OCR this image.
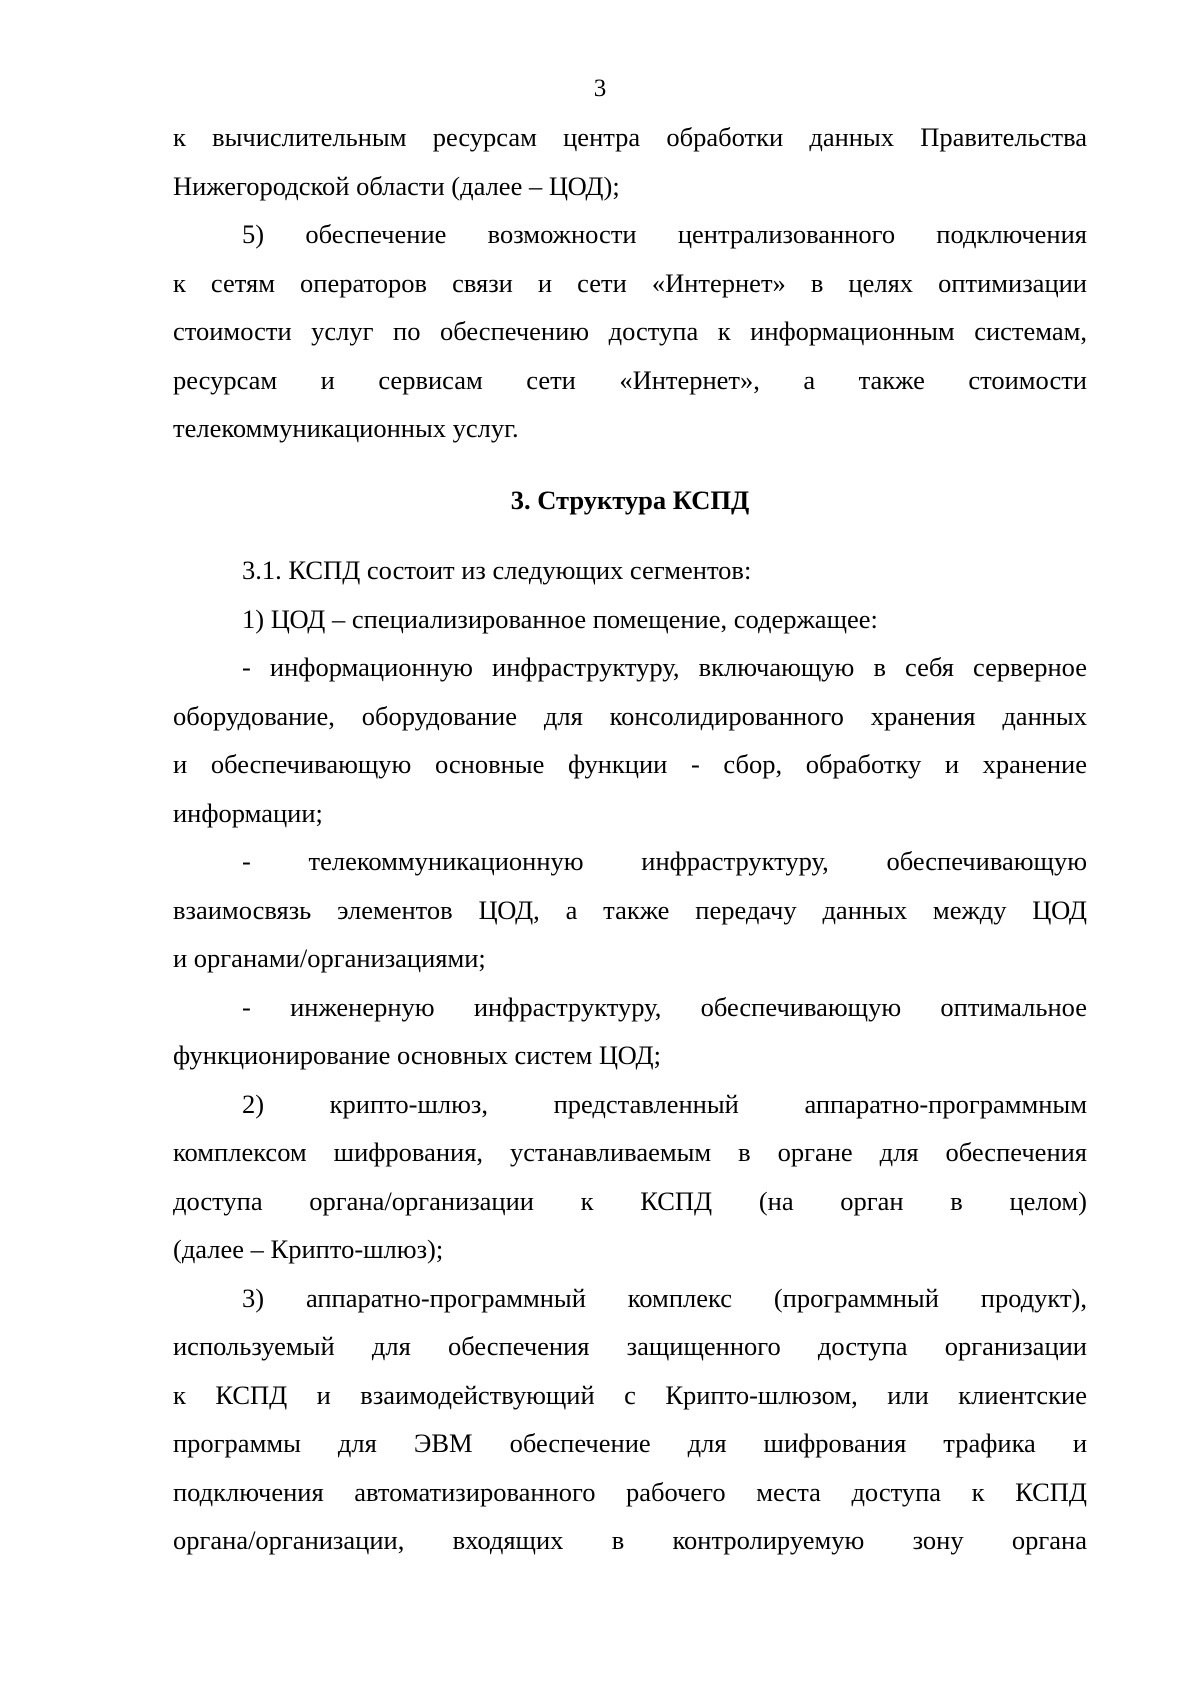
3
к вычислительным ресурсам центра обработки данных Правительства
Нижегородской области (далее – ЦОД);
5) обеспечение возможности централизованного подключения
к сетям операторов связи и сети «Интернет» в целях оптимизации
стоимости услуг по обеспечению доступа к информационным системам,
ресурсам и сервисам сети «Интернет», а также стоимости
телекоммуникационных услуг.
3. Структура КСПД
3.1. КСПД состоит из следующих сегментов:
1) ЦОД – специализированное помещение, содержащее:
- информационную инфраструктуру, включающую в себя серверное
оборудование, оборудование для консолидированного хранения данных
и обеспечивающую основные функции - сбор, обработку и хранение
информации;
- телекоммуникационную инфраструктуру, обеспечивающую
взаимосвязь элементов ЦОД, а также передачу данных между ЦОД
и органами/организациями;
- инженерную инфраструктуру, обеспечивающую оптимальное
функционирование основных систем ЦОД;
2) крипто-шлюз, представленный аппаратно-программным
комплексом шифрования, устанавливаемым в органе для обеспечения
доступа органа/организации к КСПД (на орган в целом)
(далее – Крипто-шлюз);
3) аппаратно-программный комплекс (программный продукт),
используемый для обеспечения защищенного доступа организации
к КСПД и взаимодействующий с Крипто-шлюзом, или клиентские
программы для ЭВМ обеспечение для шифрования трафика и
подключения автоматизированного рабочего места доступа к КСПД
органа/организации, входящих в контролируемую зону органа
